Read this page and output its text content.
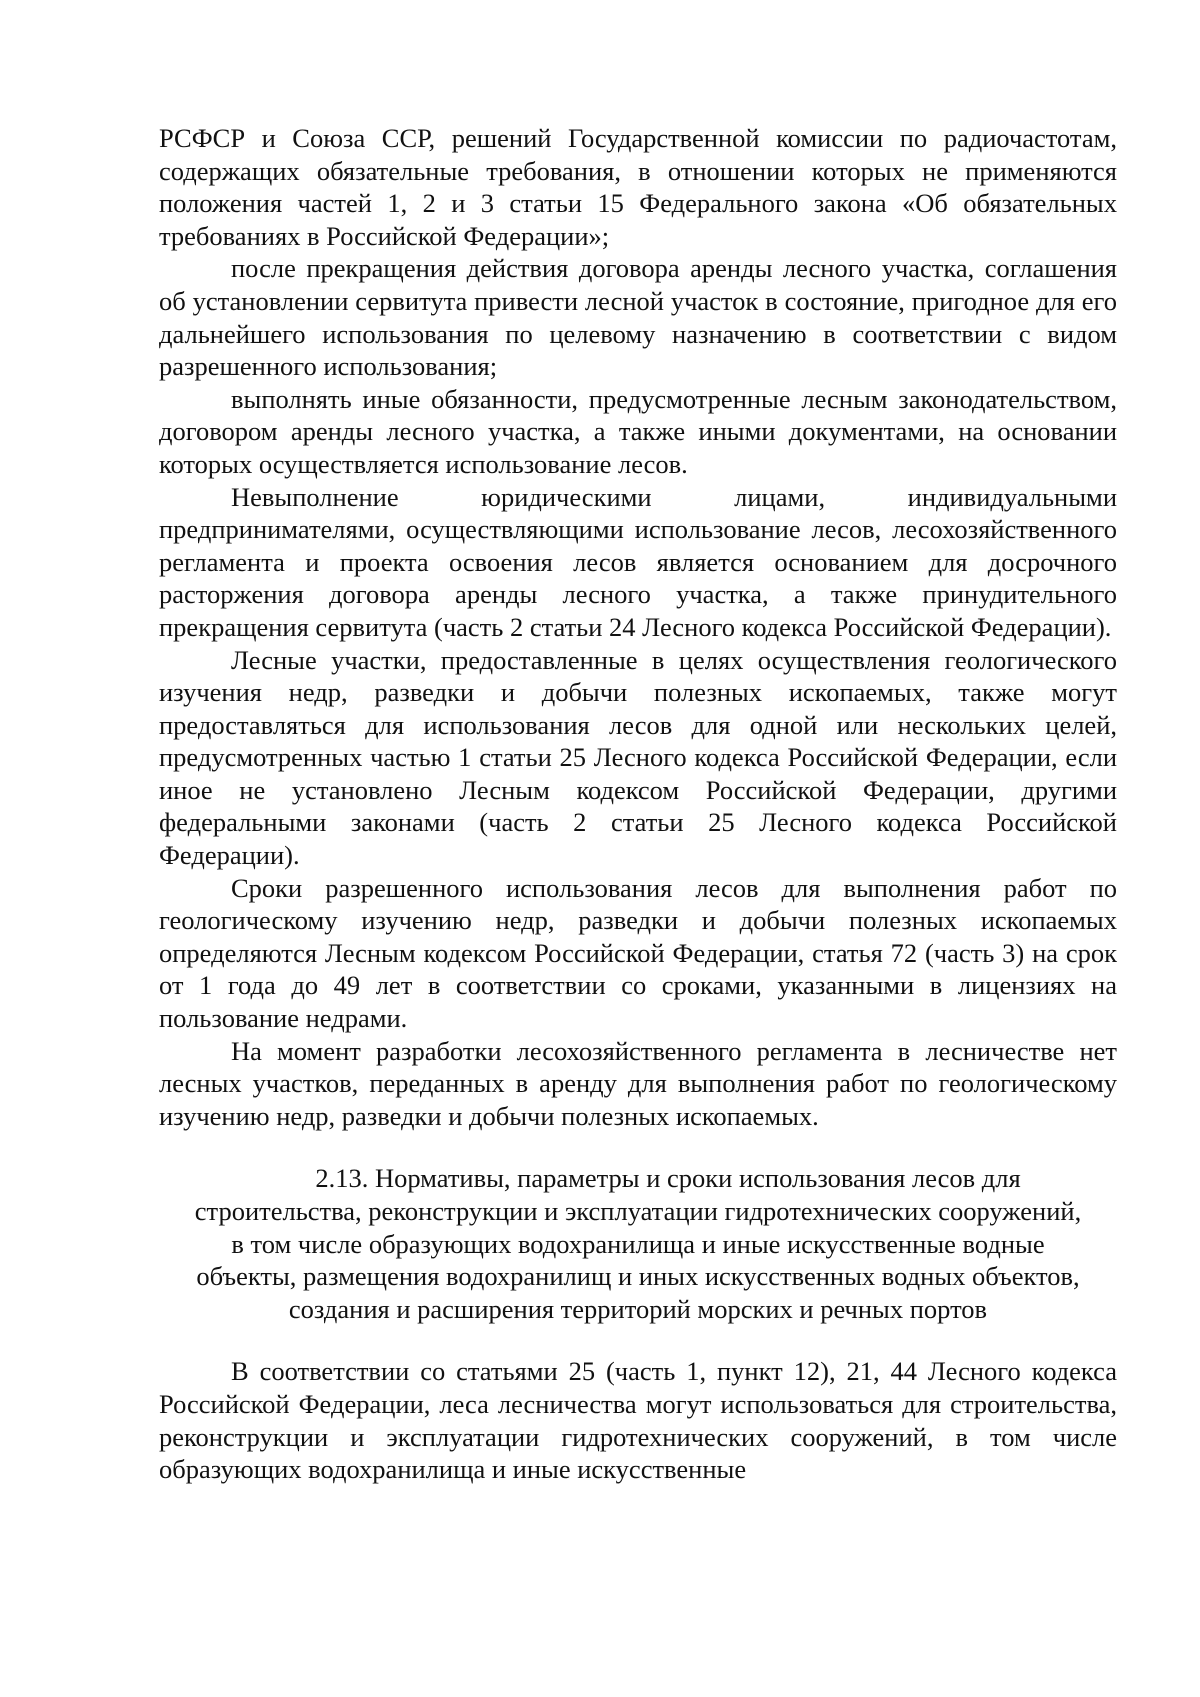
РСФСР и Союза ССР, решений Государственной комиссии по радиочастотам, содержащих обязательные требования, в отношении которых не применяются положения частей 1, 2 и 3 статьи 15 Федерального закона «Об обязательных требованиях в Российской Федерации»;

после прекращения действия договора аренды лесного участка, соглашения об установлении сервитута привести лесной участок в состояние, пригодное для его дальнейшего использования по целевому назначению в соответствии с видом разрешенного использования;

выполнять иные обязанности, предусмотренные лесным законодательством, договором аренды лесного участка, а также иными документами, на основании которых осуществляется использование лесов.

Невыполнение юридическими лицами, индивидуальными предпринимателями, осуществляющими использование лесов, лесохозяйственного регламента и проекта освоения лесов является основанием для досрочного расторжения договора аренды лесного участка, а также принудительного прекращения сервитута (часть 2 статьи 24 Лесного кодекса Российской Федерации).

Лесные участки, предоставленные в целях осуществления геологического изучения недр, разведки и добычи полезных ископаемых, также могут предоставляться для использования лесов для одной или нескольких целей, предусмотренных частью 1 статьи 25 Лесного кодекса Российской Федерации, если иное не установлено Лесным кодексом Российской Федерации, другими федеральными законами (часть 2 статьи 25 Лесного кодекса Российской Федерации).

Сроки разрешенного использования лесов для выполнения работ по геологическому изучению недр, разведки и добычи полезных ископаемых определяются Лесным кодексом Российской Федерации, статья 72 (часть 3) на срок от 1 года до 49 лет в соответствии со сроками, указанными в лицензиях на пользование недрами.

На момент разработки лесохозяйственного регламента в лесничестве нет лесных участков, переданных в аренду для выполнения работ по геологическому изучению недр, разведки и добычи полезных ископаемых.

2.13. Нормативы, параметры и сроки использования лесов для
строительства, реконструкции и эксплуатации гидротехнических сооружений,
в том числе образующих водохранилища и иные искусственные водные
объекты, размещения водохранилищ и иных искусственных водных объектов,
создания и расширения территорий морских и речных портов

В соответствии со статьями 25 (часть 1, пункт 12), 21, 44 Лесного кодекса Российской Федерации, леса лесничества могут использоваться для строительства, реконструкции и эксплуатации гидротехнических сооружений, в том числе образующих водохранилища и иные искусственные
